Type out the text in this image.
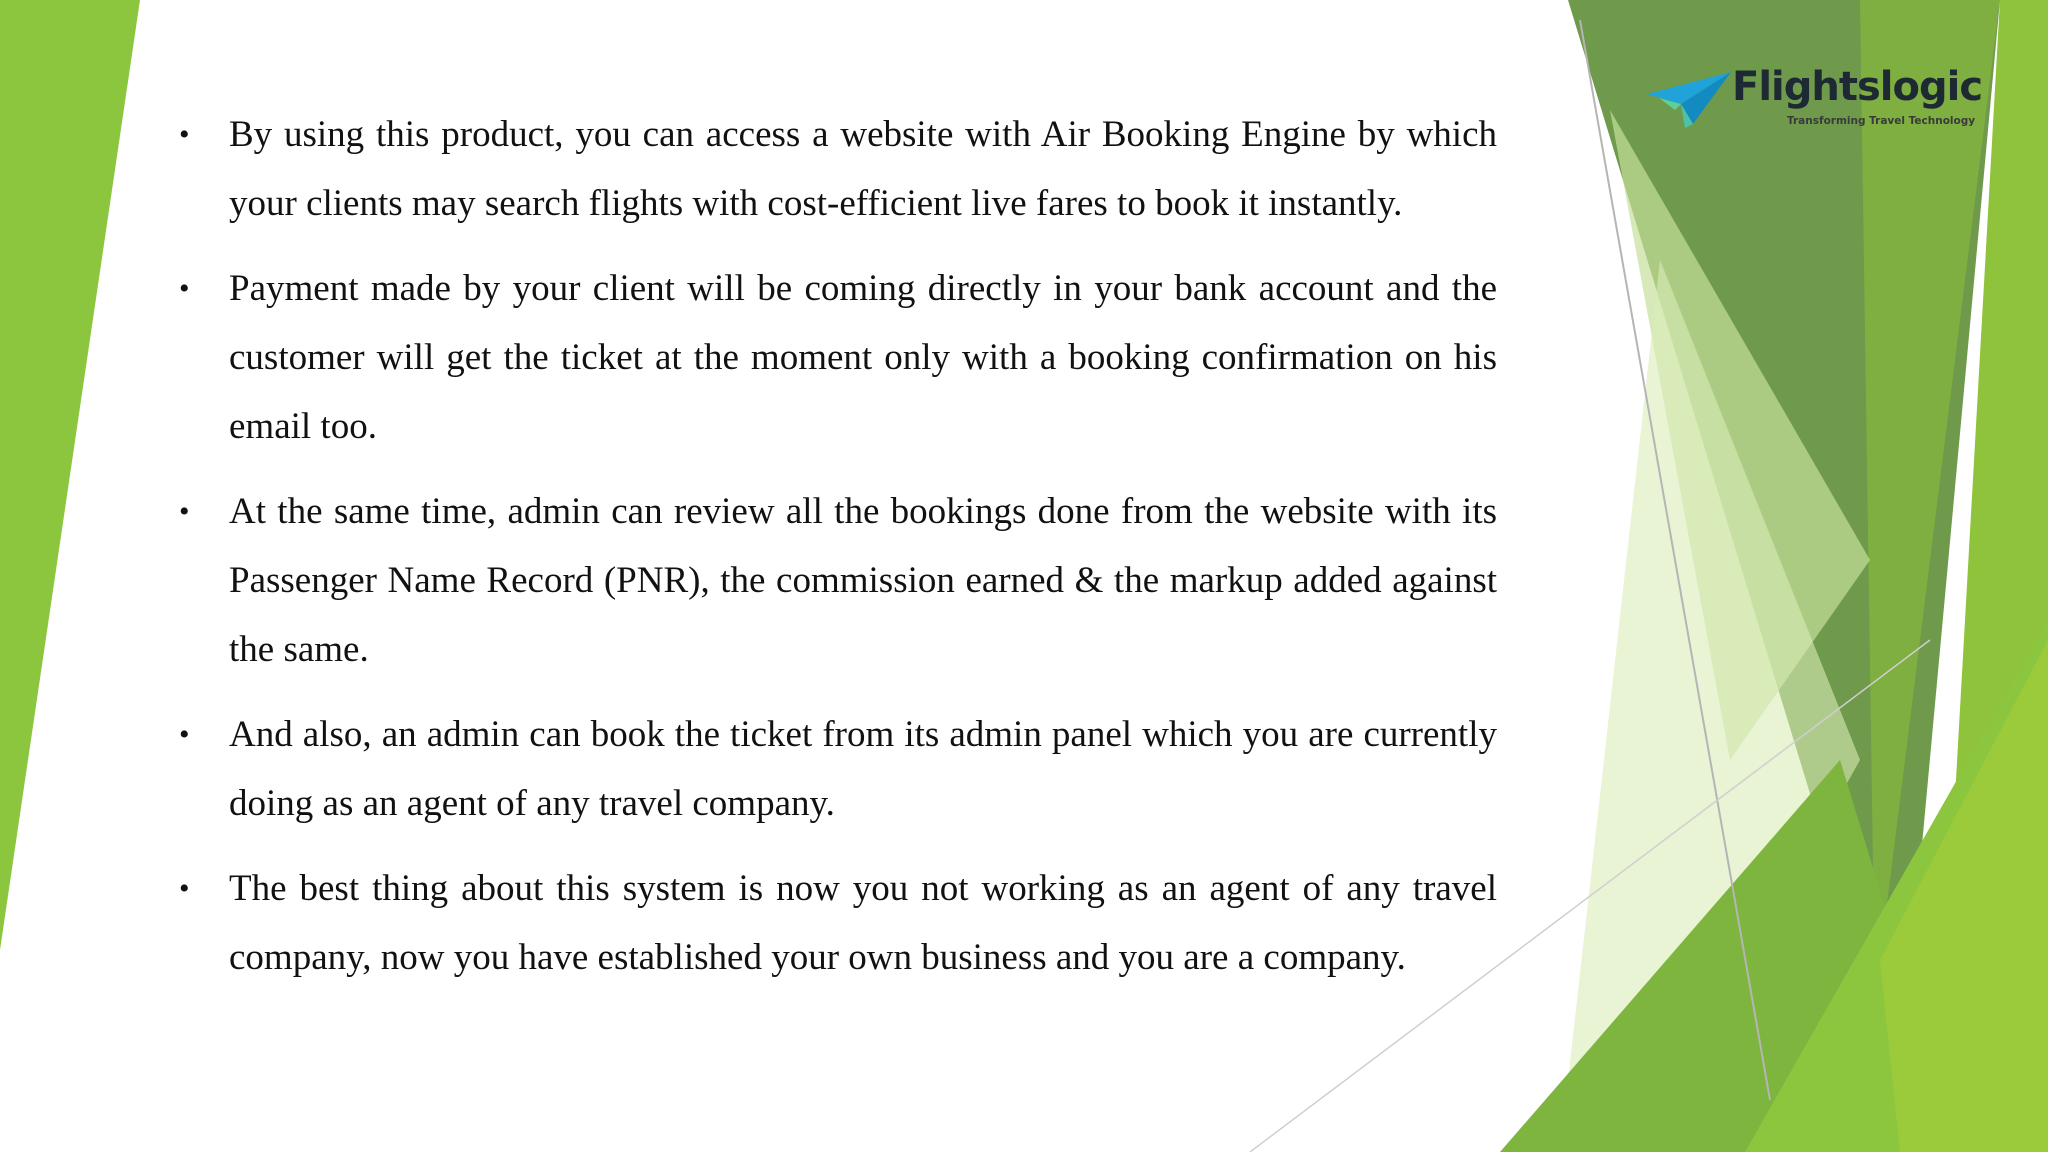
Flightslogic
Transforming Travel Technology
• By using this product, you can access a website with Air Booking Engine by which your clients may search flights with cost-efficient live fares to book it instantly.
• Payment made by your client will be coming directly in your bank account and the customer will get the ticket at the moment only with a booking confirmation on his email too.
• At the same time, admin can review all the bookings done from the website with its Passenger Name Record (PNR), the commission earned & the markup added against the same.
• And also, an admin can book the ticket from its admin panel which you are currently doing as an agent of any travel company.
• The best thing about this system is now you not working as an agent of any travel company, now you have established your own business and you are a company.
